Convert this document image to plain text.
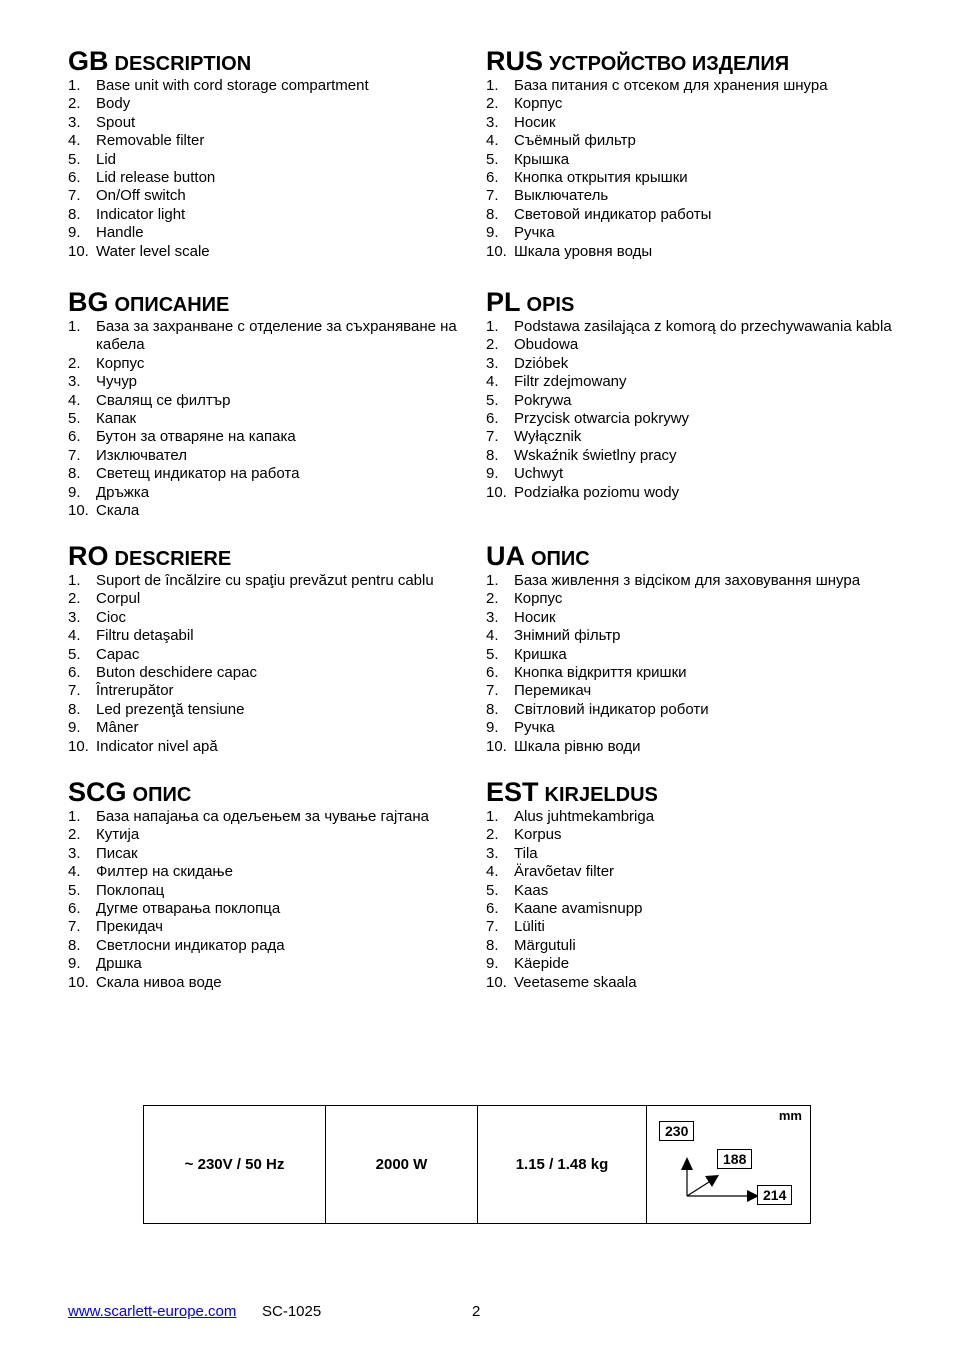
GB DESCRIPTION
1. Base unit with cord storage compartment
2. Body
3. Spout
4. Removable filter
5. Lid
6. Lid release button
7. On/Off switch
8. Indicator light
9. Handle
10. Water level scale
BG ОПИСАНИЕ
1. База за захранване с отделение за съхраняване на кабела
2. Корпус
3. Чучур
4. Свалящ се филтър
5. Капак
6. Бутон за отваряне на капака
7. Изключвател
8. Светещ индикатор на работа
9. Дръжка
10. Скала
RO DESCRIERE
1. Suport de încălzire cu spaţiu prevăzut pentru cablu
2. Corpul
3. Cioc
4. Filtru detaşabil
5. Capac
6. Buton deschidere capac
7. Întrerupător
8. Led prezenţă tensiune
9. Mâner
10. Indicator nivel apă
SCG ОПИС
1. База напајања са одељењем за чување гајтана
2. Кутија
3. Писак
4. Филтер на скидање
5. Поклопац
6. Дугме отварања поклопца
7. Прекидач
8. Светлосни индикатор рада
9. Дршка
10. Скала нивоа воде
RUS УСТРОЙСТВО ИЗДЕЛИЯ
1. База питания с отсеком для хранения шнура
2. Корпус
3. Носик
4. Съёмный фильтр
5. Крышка
6. Кнопка открытия крышки
7. Выключатель
8. Световой индикатор работы
9. Ручка
10. Шкала уровня воды
PL OPIS
1. Podstawa zasilająca z komorą do przechywawania kabla
2. Obudowa
3. Dziόbek
4. Filtr zdejmowany
5. Pokrywa
6. Przycisk otwarcia pokrywy
7. Wyłącznik
8. Wskaźnik świetlny pracy
9. Uchwyt
10. Podziałka poziomu wody
UA ОПИС
1. База живлення з відсіком для заховування шнура
2. Корпус
3. Носик
4. Знімний фільтр
5. Кришка
6. Кнопка відкриття кришки
7. Перемикач
8. Світловий індикатор роботи
9. Ручка
10. Шкала рівню води
EST KIRJELDUS
1. Alus juhtmekambriga
2. Korpus
3. Tila
4. Äravõetav filter
5. Kaas
6. Kaane avamisnupp
7. Lüliti
8. Märgutuli
9. Käepide
10. Veetaseme skaala
~ 230V / 50 Hz	2000 W	1.15 / 1.48 kg
mm
230
188
214
www.scarlett-europe.com SC-1025	2
